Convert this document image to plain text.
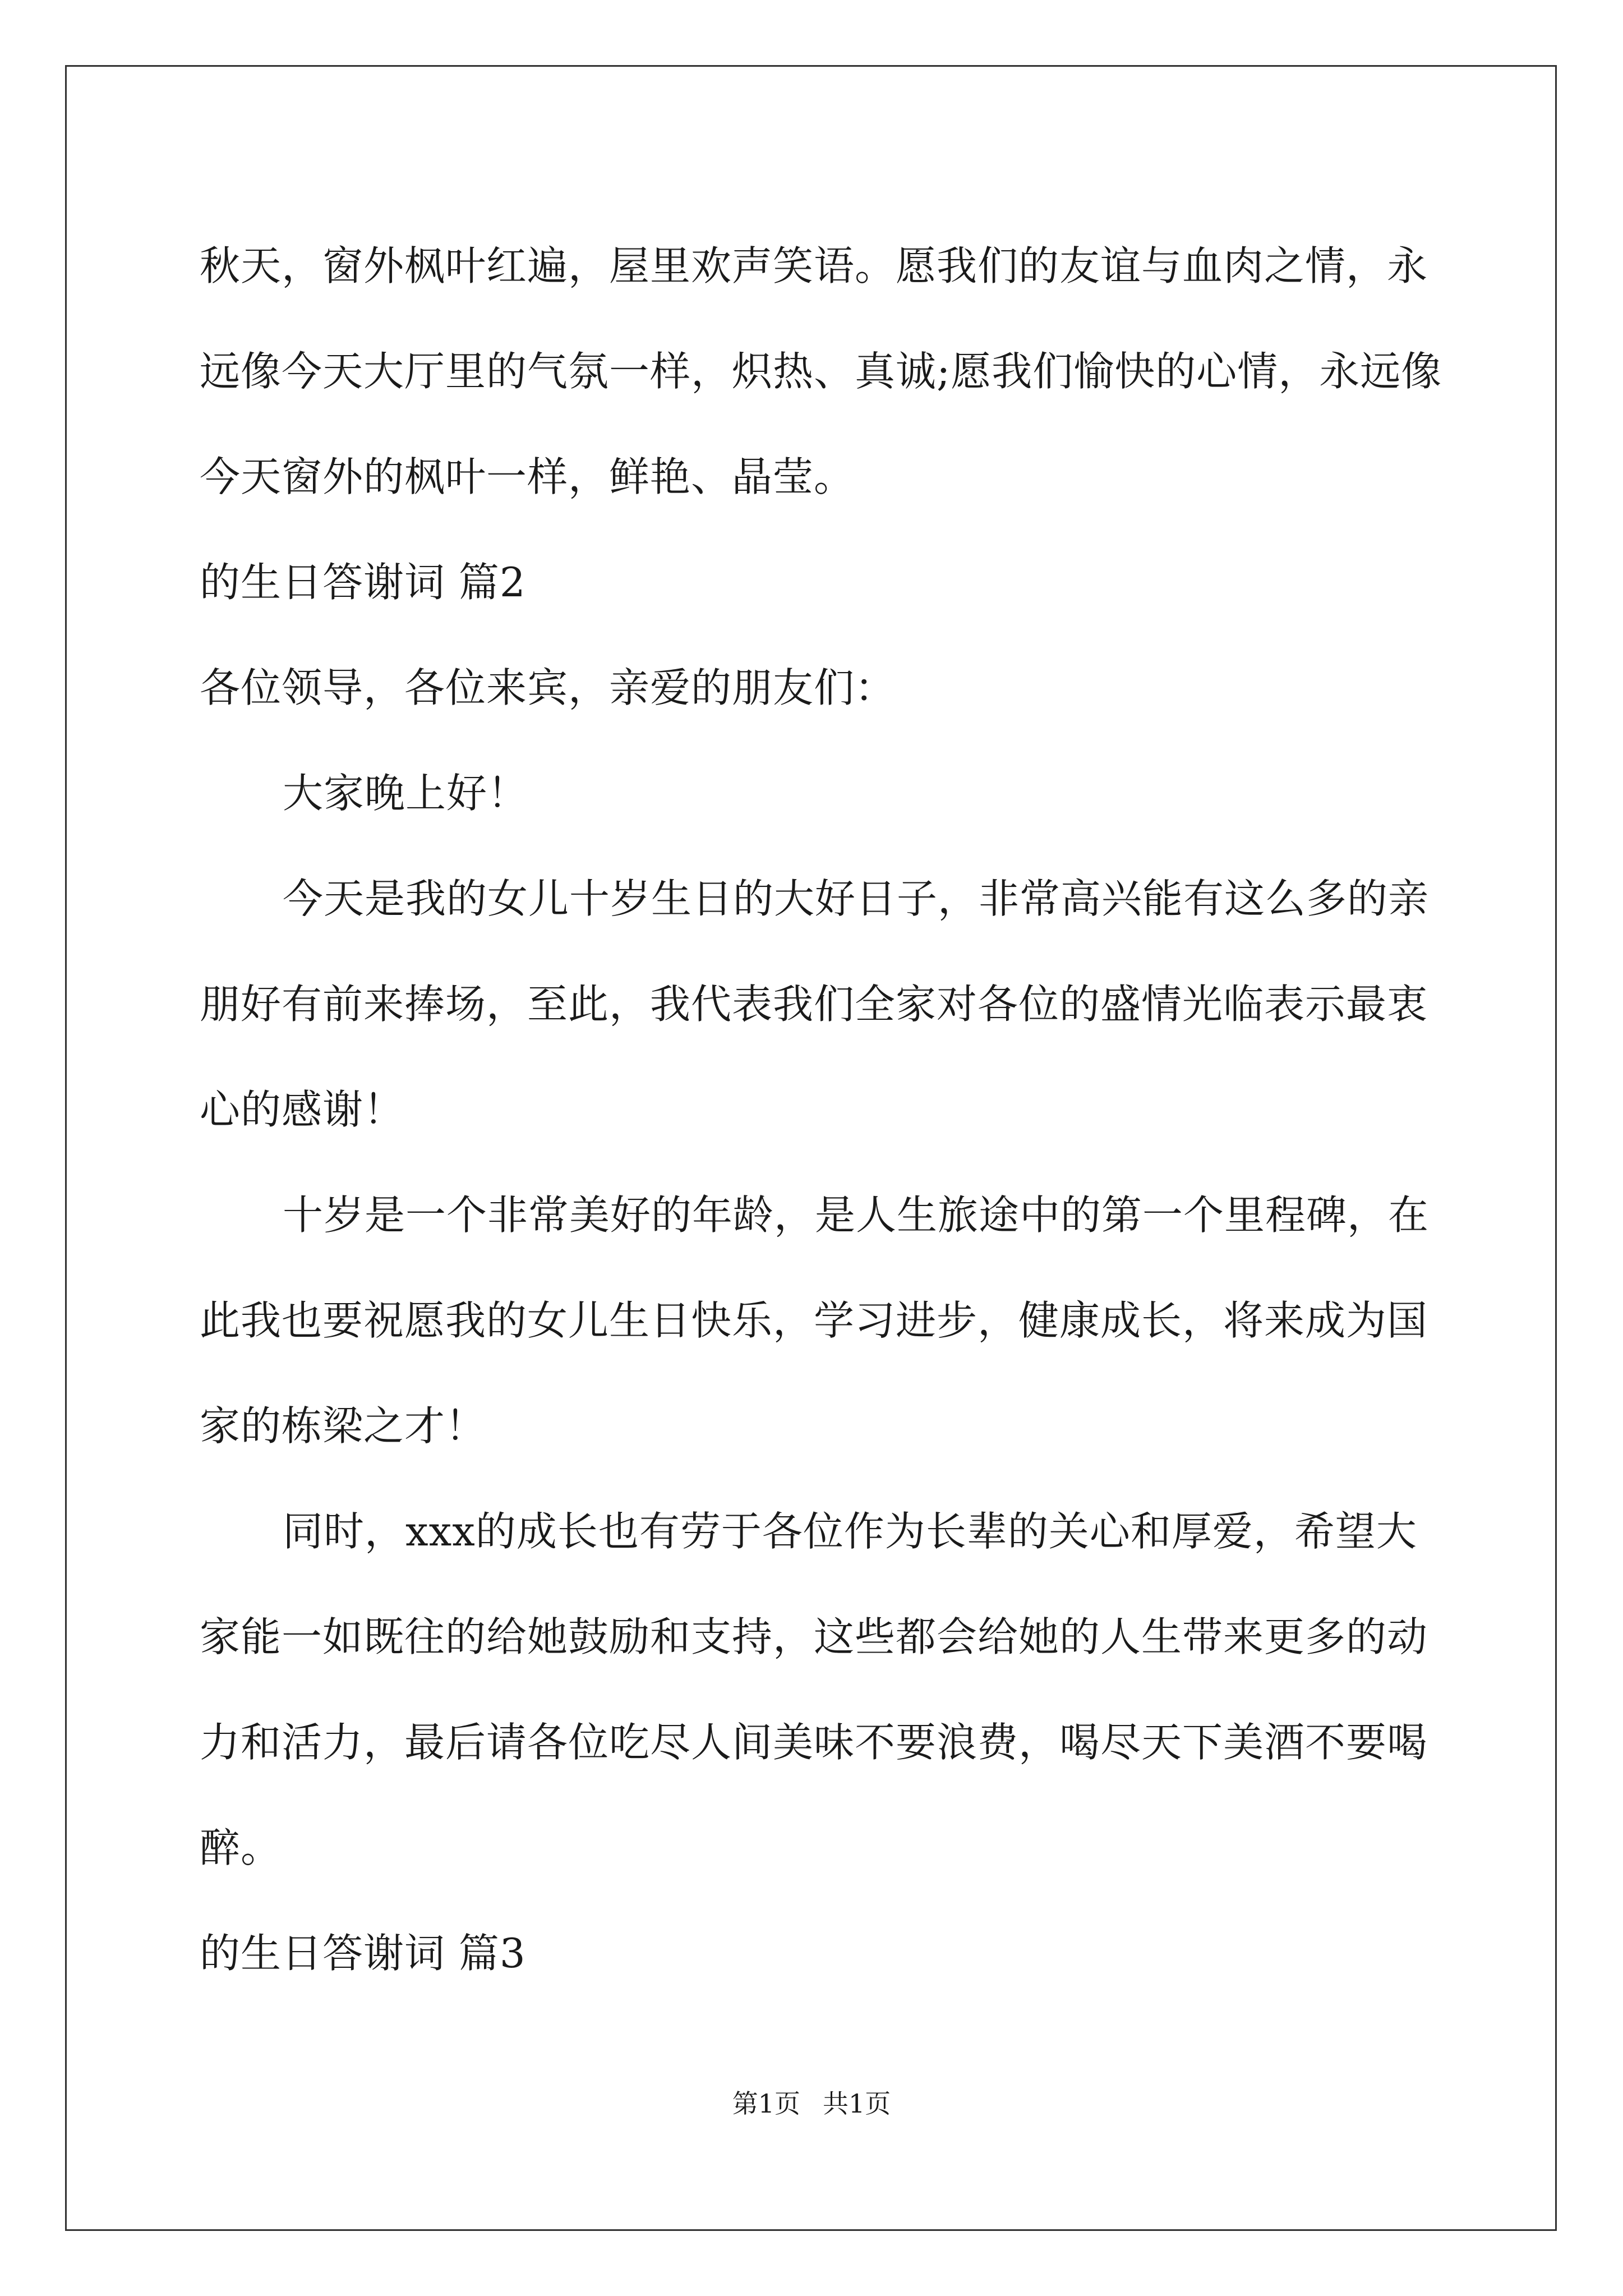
秋天，窗外枫叶红遍，屋里欢声笑语。愿我们的友谊与血肉之情，永

远像今天大厅里的气氛一样，炽热、真诚;愿我们愉快的心情，永远像

今天窗外的枫叶一样，鲜艳、晶莹。

的生日答谢词 篇2

各位领导，各位来宾，亲爱的朋友们：

大家晚上好！

今天是我的女儿十岁生日的大好日子，非常高兴能有这么多的亲

朋好有前来捧场，至此，我代表我们全家对各位的盛情光临表示最衷

心的感谢！

十岁是一个非常美好的年龄，是人生旅途中的第一个里程碑，在

此我也要祝愿我的女儿生日快乐，学习进步，健康成长，将来成为国

家的栋梁之才！

同时，xxx的成长也有劳于各位作为长辈的关心和厚爱，希望大

家能一如既往的给她鼓励和支持，这些都会给她的人生带来更多的动

力和活力，最后请各位吃尽人间美味不要浪费，喝尽天下美酒不要喝

醉。

的生日答谢词 篇3

第1页 共1页
